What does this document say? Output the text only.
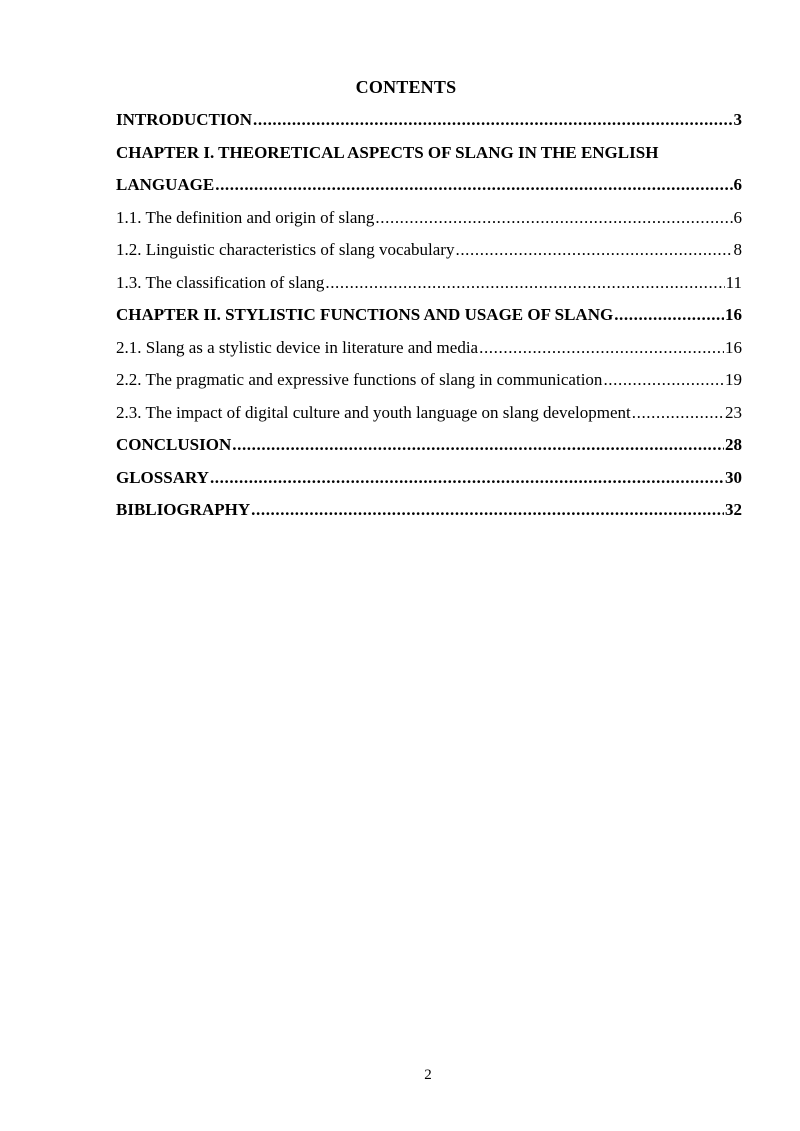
CONTENTS
INTRODUCTION .....	3
CHAPTER I. THEORETICAL ASPECTS OF SLANG IN THE ENGLISH
LANGUAGE .....	6
1.1. The definition and origin of slang .....	6
1.2. Linguistic characteristics of slang vocabulary .....	8
1.3. The classification of slang .....	11
CHAPTER II. STYLISTIC FUNCTIONS AND USAGE OF SLANG .....	16
2.1. Slang as a stylistic device in literature and media .....	16
2.2. The pragmatic and expressive functions of slang in communication .....	19
2.3. The impact of digital culture and youth language on slang development .....	23
CONCLUSION .....	28
GLOSSARY .....	30
BIBLIOGRAPHY .....	32
2
